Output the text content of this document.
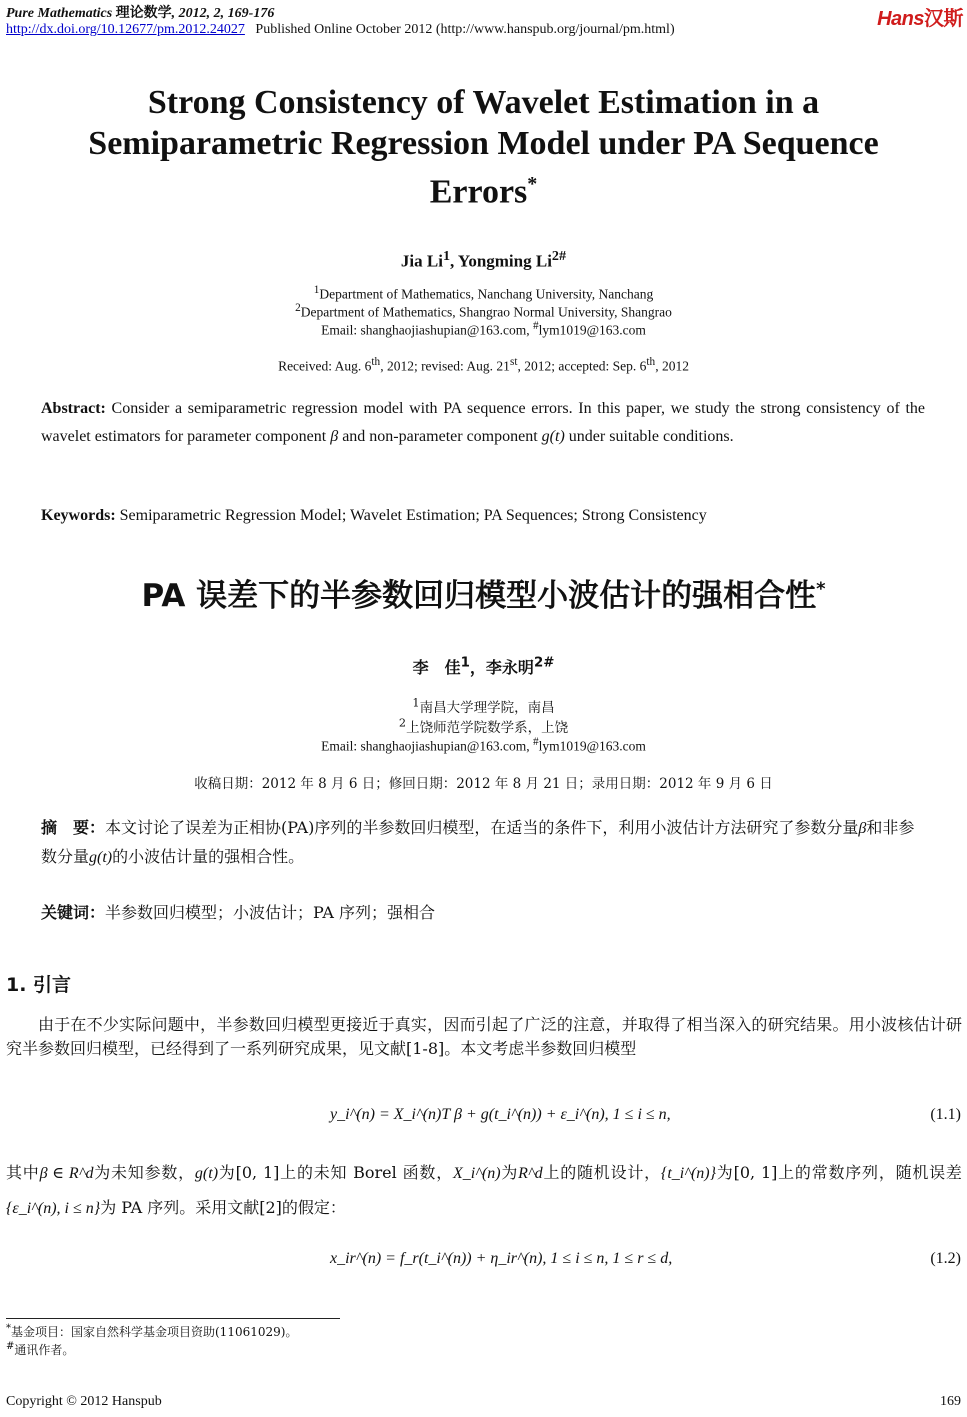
Pure Mathematics 理论数学, 2012, 2, 169-176
http://dx.doi.org/10.12677/pm.2012.24027 Published Online October 2012 (http://www.hanspub.org/journal/pm.html)	Hans汉斯
Strong Consistency of Wavelet Estimation in a
Semiparametric Regression Model under PA Sequence
Errors*
Jia Li$^1$, Yongming $Li^{2\#}$
$^1$Department of Mathematics, Nanchang University, Nanchang
$^2$Department of Mathematics, Shangrao Normal University, Shangrao
Email: shanghaojiashupian@163.com, #lym1019@163.com
Received: Aug. 6th, 2012; revised: Aug. 21st, 2012; accepted: Sep. 6th, 2012
Abstract: Consider a semiparametric regression model with PA sequence errors. In this paper, we study the strong consistency of the wavelet estimators for parameter component β and non-parameter component g(t) under suitable conditions.
Keywords: Semiparametric Regression Model; Wavelet Estimation; PA Sequences; Strong Consistency
PA 误差下的半参数回归模型小波估计的强相合性*
李　佳$^1$，李永明$^{2\#}$
$^1$南昌大学理学院，南昌
$^2$上饶师范学院数学系，上饶
Email: shanghaojiashupian@163.com, #lym1019@163.com
收稿日期：2012 年 8 月 6 日；修回日期：2012 年 8 月 21 日；录用日期：2012 年 9 月 6 日
摘　要：本文讨论了误差为正相协(PA)序列的半参数回归模型，在适当的条件下，利用小波估计方法研究了参数分量β和非参数分量g(t)的小波估计量的强相合性。
关键词：半参数回归模型；小波估计；PA 序列；强相合
1. 引言
由于在不少实际问题中，半参数回归模型更接近于真实，因而引起了广泛的注意，并取得了相当深入的研究结果。用小波核估计研究半参数回归模型，已经得到了一系列研究成果，见文献[1-8]。本文考虑半参数回归模型
y_i^(n) = X_i^(n)T β + g(t_i^(n)) + ε_i^(n), 1 ≤ i ≤ n,	(1.1)
其中β ∈ R^d为未知参数，g(t)为[0, 1]上的未知 Borel 函数，X_i^(n)为R^d上的随机设计，{t_i^(n)}为[0, 1]上的常数序列，随机误差{ε_i^(n), i ≤ n}为 PA 序列。采用文献[2]的假定：
x_ir^(n) = f_r(t_i^(n)) + η_ir^(n), 1 ≤ i ≤ n, 1 ≤ r ≤ d,	(1.2)
*基金项目：国家自然科学基金项目资助(11061029)。
#通讯作者。
Copyright © 2012 Hanspub	169
